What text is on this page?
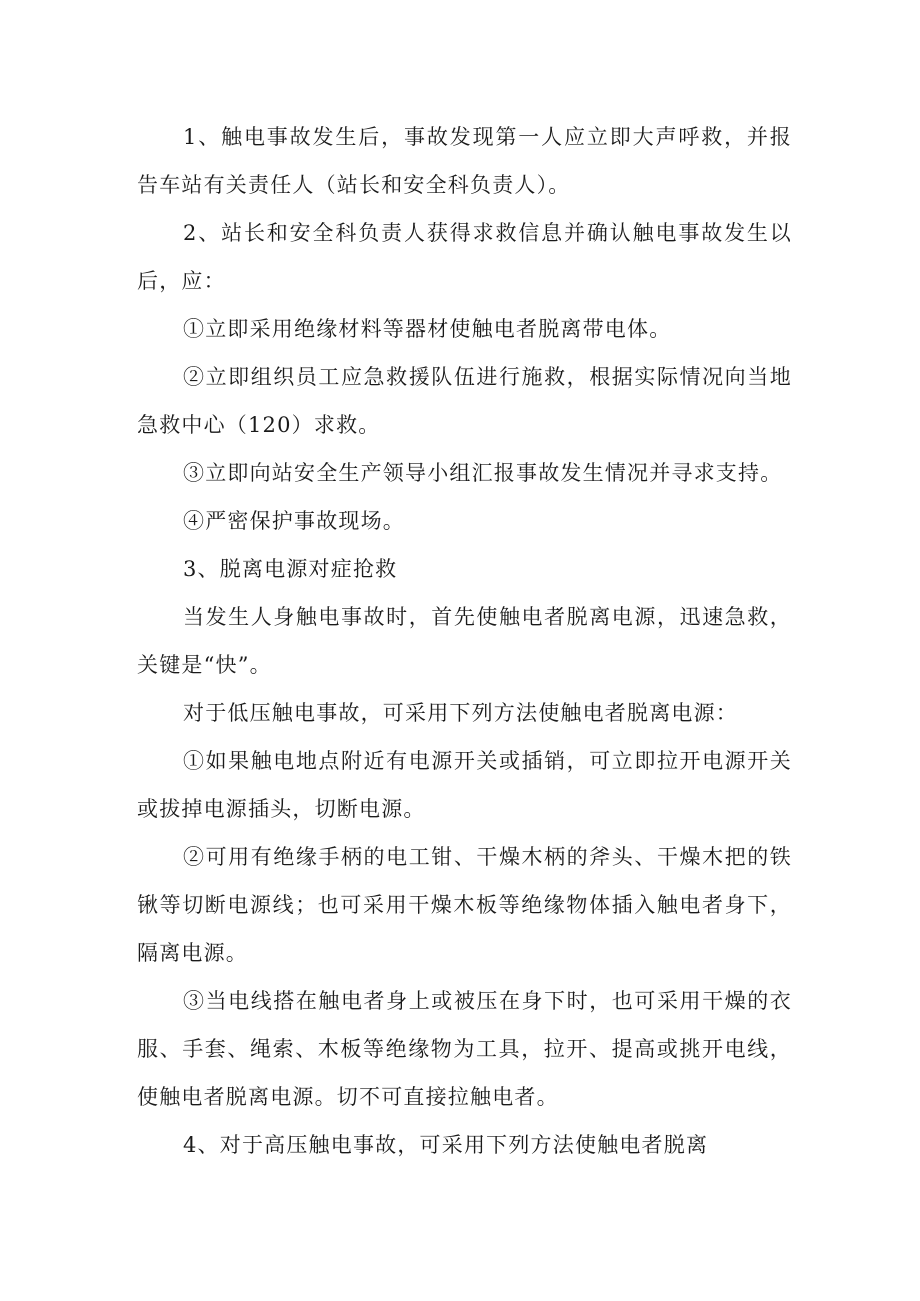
1、触电事故发生后，事故发现第一人应立即大声呼救，并报告车站有关责任人（站长和安全科负责人）。

2、站长和安全科负责人获得求救信息并确认触电事故发生以后，应：

①立即采用绝缘材料等器材使触电者脱离带电体。

②立即组织员工应急救援队伍进行施救，根据实际情况向当地急救中心（120）求救。

③立即向站安全生产领导小组汇报事故发生情况并寻求支持。

④严密保护事故现场。

3、脱离电源对症抢救

当发生人身触电事故时，首先使触电者脱离电源，迅速急救，关键是“快”。

对于低压触电事故，可采用下列方法使触电者脱离电源：

①如果触电地点附近有电源开关或插销，可立即拉开电源开关或拔掉电源插头，切断电源。

②可用有绝缘手柄的电工钳、干燥木柄的斧头、干燥木把的铁锹等切断电源线；也可采用干燥木板等绝缘物体插入触电者身下，隔离电源。

③当电线搭在触电者身上或被压在身下时，也可采用干燥的衣服、手套、绳索、木板等绝缘物为工具，拉开、提高或挑开电线，使触电者脱离电源。切不可直接拉触电者。

4、对于高压触电事故，可采用下列方法使触电者脱离
